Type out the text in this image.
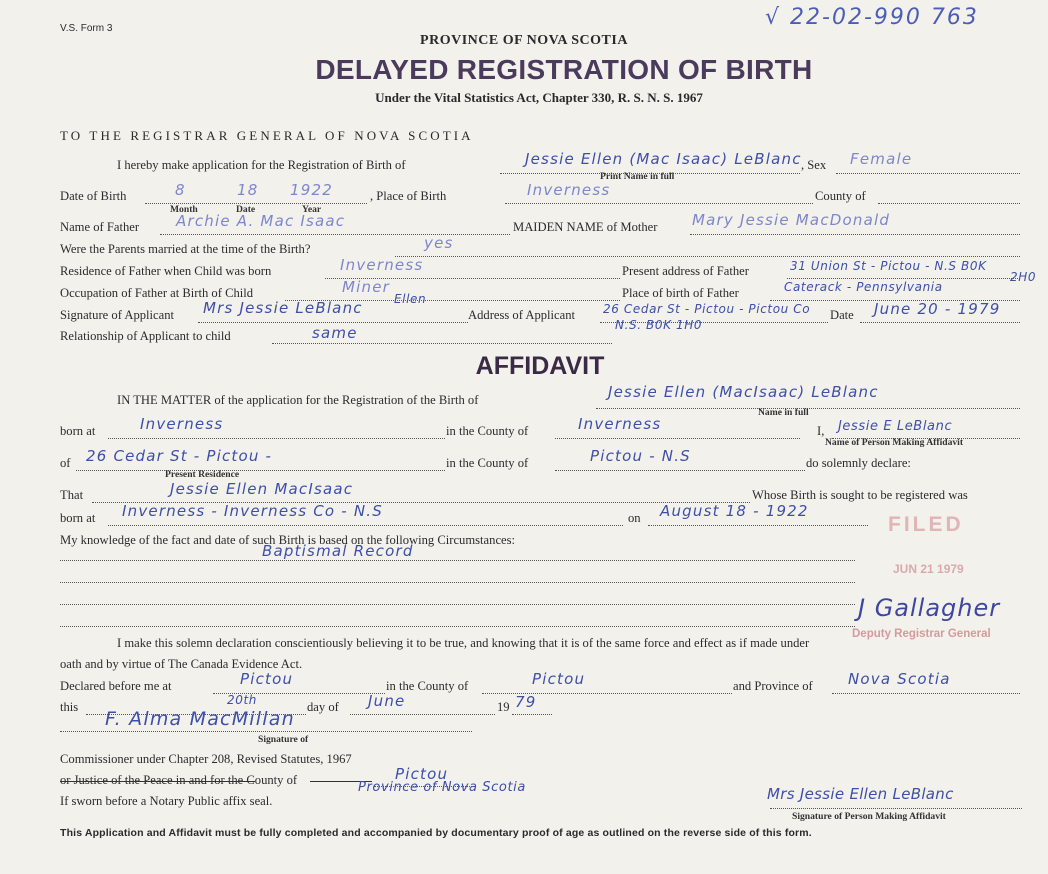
V.S. Form 3	√ 22-02-990 763
PROVINCE OF NOVA SCOTIA
DELAYED REGISTRATION OF BIRTH
Under the Vital Statistics Act, Chapter 330, R. S. N. S. 1967
TO THE REGISTRAR GENERAL OF NOVA SCOTIA
I hereby make application for the Registration of Birth of	Jessie Ellen (Mac Isaac) LeBlanc
Print Name in full
, Sex Female
Date of Birth	8	18 1922
Month	Date	Year
, Place of Birth	Inverness	County of
Name of Father Archie A. Mac Isaac	MAIDEN NAME of Mother Mary Jessie MacDonald
Were the Parents married at the time of the Birth?	yes
Residence of Father when Child was born	Inverness	Present address of Father	31 Union St - Pictou - N.S B0K
2H0
Occupation of Father at Birth of Child	Miner	Place of birth of Father	Caterack - Pennsylvania
Signature of Applicant Mrs Jessie LeBlanc	Ellen
Address of Applicant 26 Cedar St - Pictou - Pictou Co
N.S. B0K 1H0
Date June 20 - 1979
Relationship of Applicant to child	same
AFFIDAVIT
IN THE MATTER of the application for the Registration of the Birth of	Jessie Ellen (MacIsaac) LeBlanc
Name in full
born at	Inverness	in the County of	Inverness	I, Jessie E LeBlanc
Name of Person Making Affidavit
of 26 Cedar St - Pictou -	in the County of	Pictou - N.S	do solemnly declare:
Present Residence
That	Jessie Ellen MacIsaac	Whose Birth is sought to be registered was
born at Inverness - Inverness Co - N.S	on August 18 - 1922
My knowledge of the fact and date of such Birth is based on the following Circumstances:
Baptismal Record
FILED
JUN 21 1979
J Gallagher
Deputy Registrar General
I make this solemn declaration conscientiously believing it to be true, and knowing that it is of the same force and effect as if made under
oath and by virtue of The Canada Evidence Act.
Declared before me at	Pictou	in the County of	Pictou	and Province of Nova Scotia
this	20th	day of June	19 79
F. Alma MacMillan
Signature of
Commissioner under Chapter 208, Revised Statutes, 1967
or Justice of the Peace in and for the County of	Pictou
Province of Nova Scotia
If sworn before a Notary Public affix seal.	Mrs Jessie Ellen LeBlanc
Signature of Person Making Affidavit
This Application and Affidavit must be fully completed and accompanied by documentary proof of age as outlined on the reverse side of this form.
